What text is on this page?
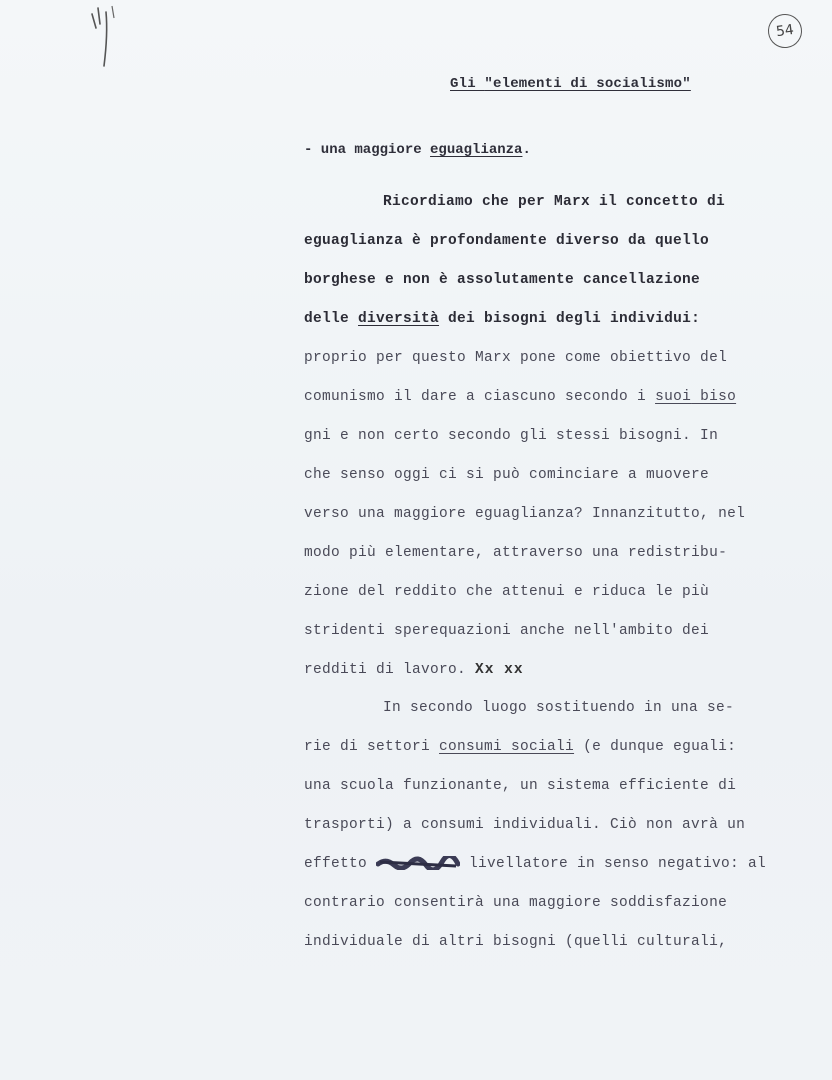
⠀
54
Gli "elementi di socialismo"
- una maggiore eguaglianza.
Ricordiamo che per Marx il concetto di
eguaglianza è profondamente diverso da quello
borghese e non è assolutamente cancellazione
delle diversità dei bisogni degli individui:
proprio per questo Marx pone come obiettivo del
comunismo il dare a ciascuno secondo i suoi biso
gni e non certo secondo gli stessi bisogni. In
che senso oggi ci si può cominciare a muovere
verso una maggiore eguaglianza? Innanzitutto, nel
modo più elementare, attraverso una redistribu-
zione del reddito che attenui e riduca le più
stridenti sperequazioni anche nell'ambito dei
redditi di lavoro. Xx xx
In secondo luogo sostituendo in una se-
rie di settori consumi sociali (e dunque eguali:
una scuola funzionante, un sistema efficiente di
trasporti) a consumi individuali. Ciò non avrà un
effetto	livellatore in senso negativo: al
contrario consentirà una maggiore soddisfazione
individuale di altri bisogni (quelli culturali,
